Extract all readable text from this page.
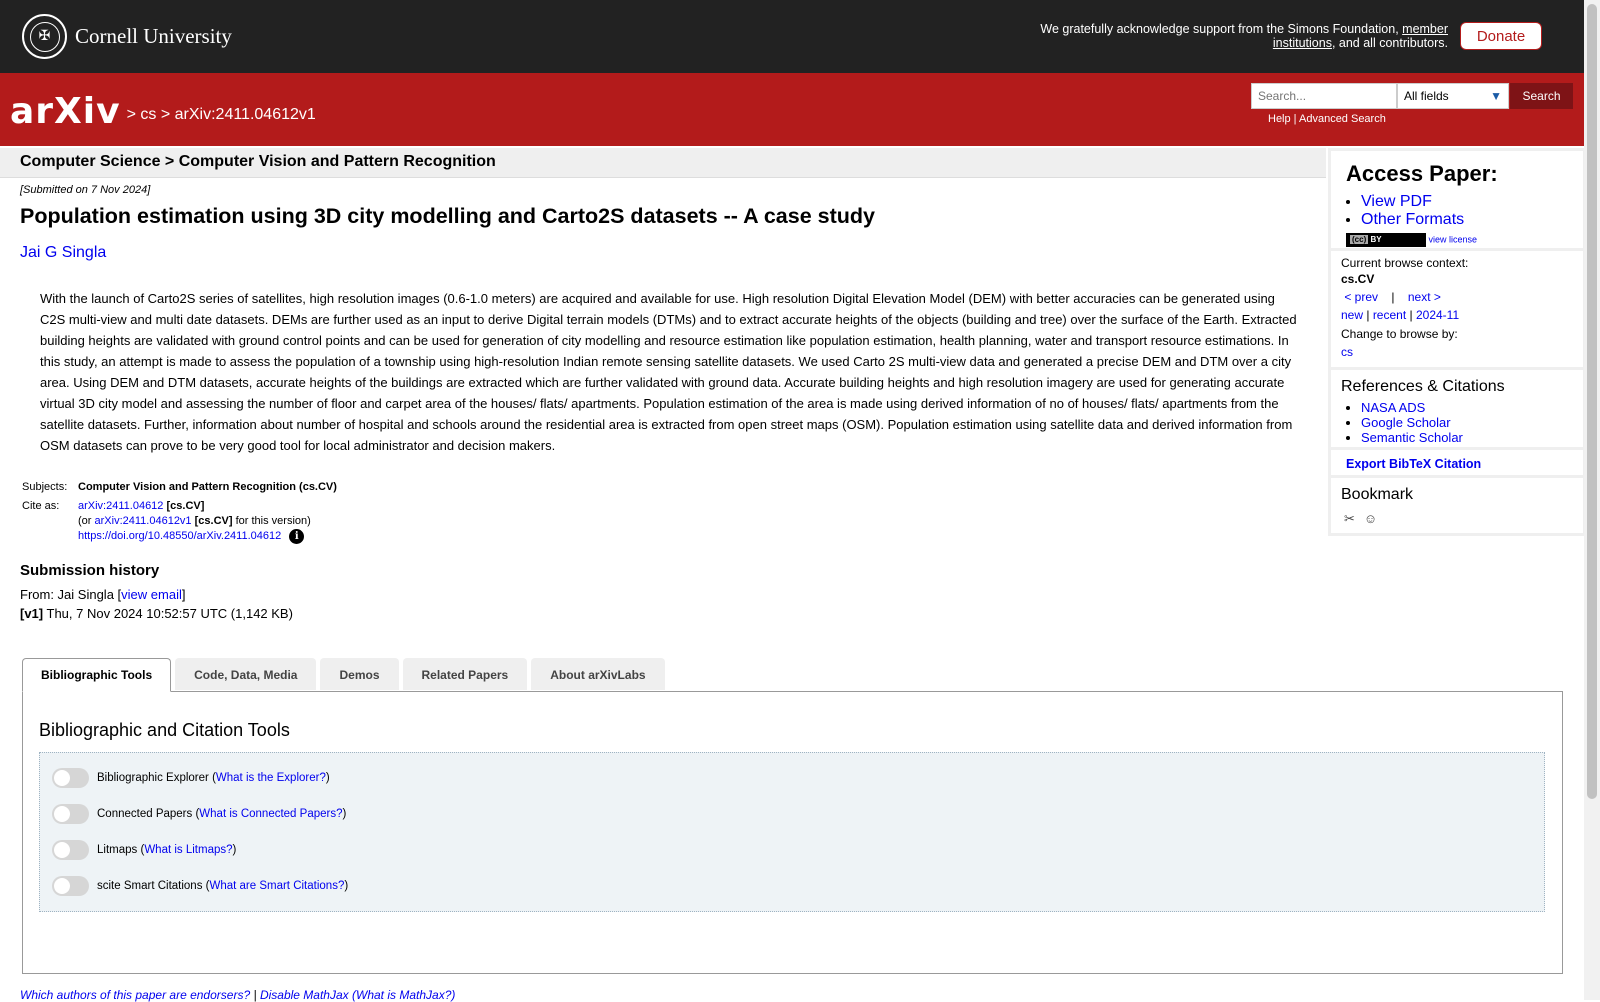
✠	Cornell University	We gratefully acknowledge support from the Simons Foundation, member institutions, and all contributors.	Donate
arXiv > cs > arXiv:2411.04612v1
Search...
All fields	▼	Search
Help | Advanced Search
Computer Science > Computer Vision and Pattern Recognition
[Submitted on 7 Nov 2024]
Population estimation using 3D city modelling and Carto2S datasets -- A case study
Jai G Singla
With the launch of Carto2S series of satellites, high resolution images (0.6-1.0 meters) are acquired and available for use. High resolution Digital Elevation Model (DEM) with better accuracies can be generated using C2S multi-view and multi date datasets. DEMs are further used as an input to derive Digital terrain models (DTMs) and to extract accurate heights of the objects (building and tree) over the surface of the Earth. Extracted building heights are validated with ground control points and can be used for generation of city modelling and resource estimation like population estimation, health planning, water and transport resource estimations. In this study, an attempt is made to assess the population of a township using high-resolution Indian remote sensing satellite datasets. We used Carto 2S multi-view data and generated a precise DEM and DTM over a city area. Using DEM and DTM datasets, accurate heights of the buildings are extracted which are further validated with ground data. Accurate building heights and high resolution imagery are used for generating accurate virtual 3D city model and assessing the number of floor and carpet area of the houses/ flats/ apartments. Population estimation of the area is made using derived information of no of houses/ flats/ apartments from the satellite datasets. Further, information about number of hospital and schools around the residential area is extracted from open street maps (OSM). Population estimation using satellite data and derived information from OSM datasets can prove to be very good tool for local administrator and decision makers.
Subjects:	Computer Vision and Pattern Recognition (cs.CV)
Cite as:	arXiv:2411.04612 [cs.CV]
(or arXiv:2411.04612v1 [cs.CV] for this version)
https://doi.org/10.48550/arXiv.2411.04612 i
Submission history
From: Jai Singla [view email]
[v1] Thu, 7 Nov 2024 10:52:57 UTC (1,142 KB)
Bibliographic Tools	Code, Data, Media	Demos	Related Papers	About arXivLabs
Bibliographic and Citation Tools
Bibliographic Explorer ( What is the Explorer? )
Connected Papers ( What is Connected Papers? )
Litmaps ( What is Litmaps? )
scite Smart Citations ( What are Smart Citations? )
Which authors of this paper are endorsers? | Disable MathJax (What is MathJax?)
Access Paper:
• View PDF
• Other Formats
(cc) BY	view license
Current browse context:
cs.CV
< prev | next >
new | recent | 2024-11
Change to browse by:
cs
References & Citations
• NASA ADS
• Google Scholar
• Semantic Scholar
Export BibTeX Citation
Bookmark
✂ ☺
